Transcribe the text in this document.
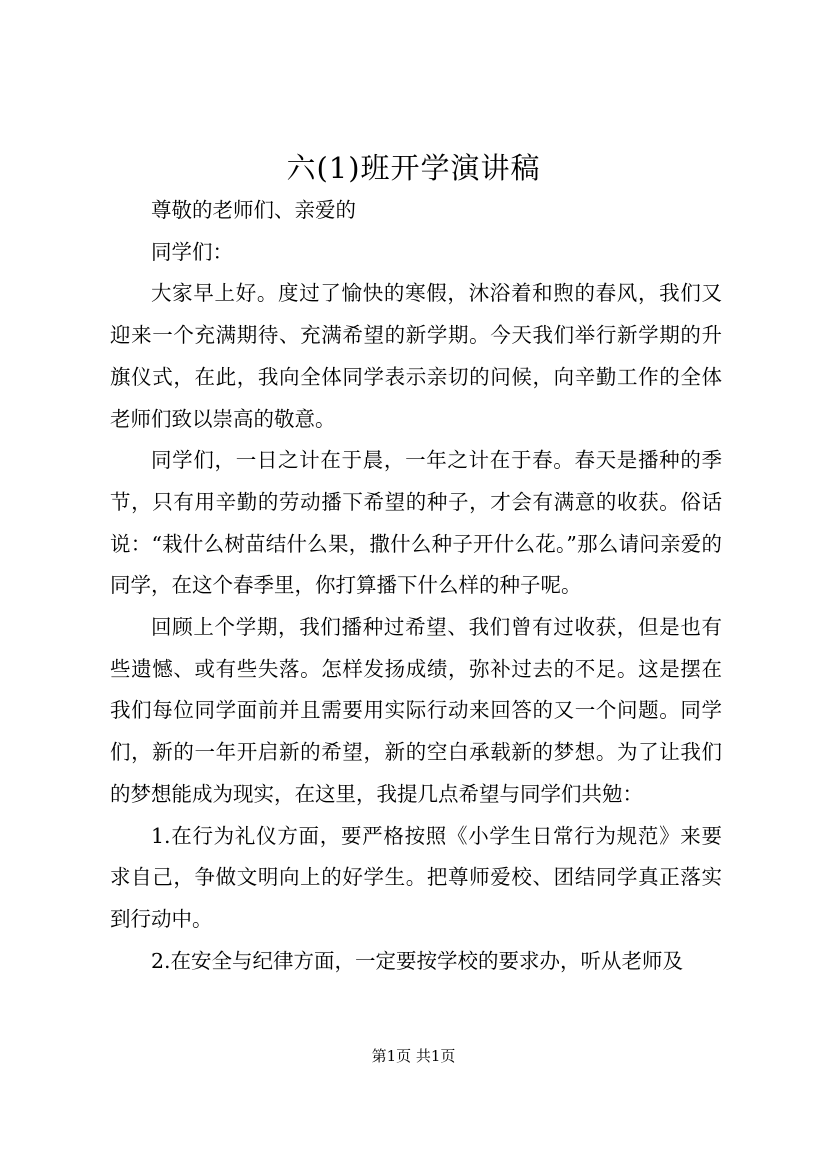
六(1)班开学演讲稿

尊敬的老师们、亲爱的

同学们：

大家早上好。度过了愉快的寒假，沐浴着和煦的春风，我们又迎来一个充满期待、充满希望的新学期。今天我们举行新学期的升旗仪式，在此，我向全体同学表示亲切的问候，向辛勤工作的全体老师们致以崇高的敬意。

同学们，一日之计在于晨，一年之计在于春。春天是播种的季节，只有用辛勤的劳动播下希望的种子，才会有满意的收获。俗话说：“栽什么树苗结什么果，撒什么种子开什么花。”那么请问亲爱的同学，在这个春季里，你打算播下什么样的种子呢。

回顾上个学期，我们播种过希望、我们曾有过收获，但是也有些遗憾、或有些失落。怎样发扬成绩，弥补过去的不足。这是摆在我们每位同学面前并且需要用实际行动来回答的又一个问题。同学们，新的一年开启新的希望，新的空白承载新的梦想。为了让我们的梦想能成为现实，在这里，我提几点希望与同学们共勉：

1.在行为礼仪方面，要严格按照《小学生日常行为规范》来要求自己，争做文明向上的好学生。把尊师爱校、团结同学真正落实到行动中。

2.在安全与纪律方面，一定要按学校的要求办，听从老师及

第1页 共1页
